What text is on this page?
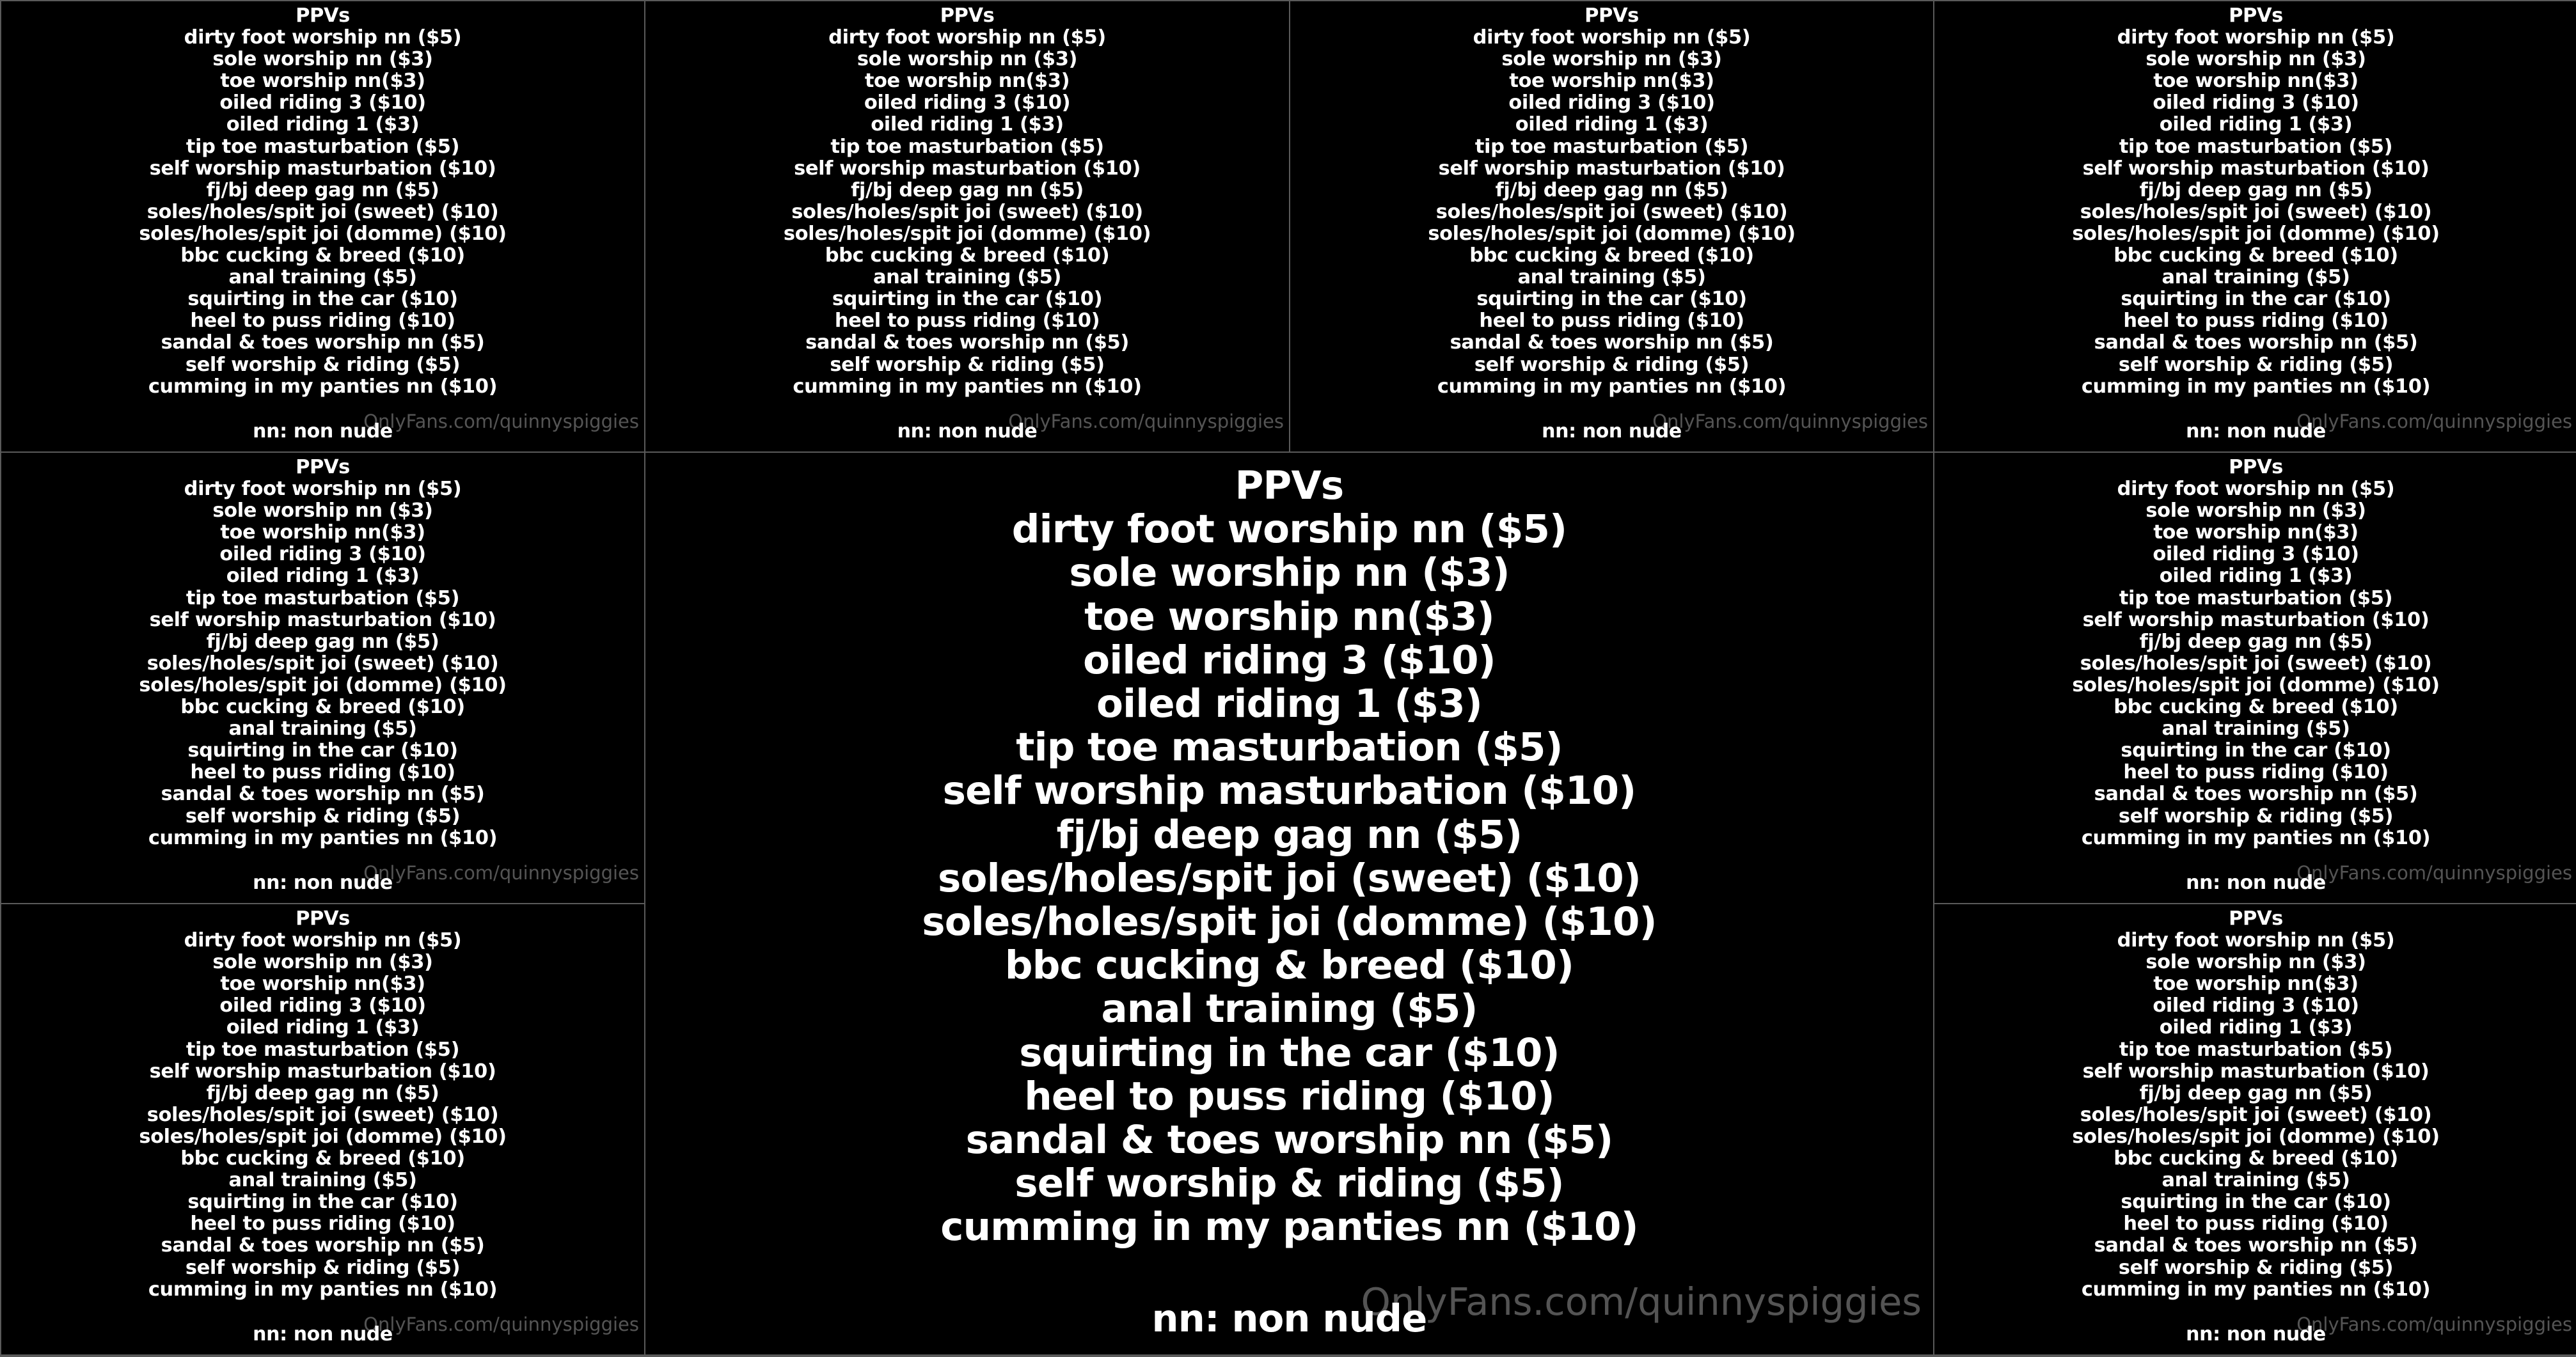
PPVs
dirty foot worship nn ($5)
sole worship nn ($3)
toe worship nn($3)
oiled riding 3 ($10)
oiled riding 1 ($3)
tip toe masturbation ($5)
self worship masturbation ($10)
fj/bj deep gag nn ($5)
soles/holes/spit joi (sweet) ($10)
soles/holes/spit joi (domme) ($10)
bbc cucking & breed ($10)
anal training ($5)
squirting in the car ($10)
heel to puss riding ($10)
sandal & toes worship nn ($5)
self worship & riding ($5)
cumming in my panties nn ($10)
nn: non nude
OnlyFans.com/quinnyspiggies
PPVs
dirty foot worship nn ($5)
sole worship nn ($3)
toe worship nn($3)
oiled riding 3 ($10)
oiled riding 1 ($3)
tip toe masturbation ($5)
self worship masturbation ($10)
fj/bj deep gag nn ($5)
soles/holes/spit joi (sweet) ($10)
soles/holes/spit joi (domme) ($10)
bbc cucking & breed ($10)
anal training ($5)
squirting in the car ($10)
heel to puss riding ($10)
sandal & toes worship nn ($5)
self worship & riding ($5)
cumming in my panties nn ($10)
nn: non nude
OnlyFans.com/quinnyspiggies
PPVs
dirty foot worship nn ($5)
sole worship nn ($3)
toe worship nn($3)
oiled riding 3 ($10)
oiled riding 1 ($3)
tip toe masturbation ($5)
self worship masturbation ($10)
fj/bj deep gag nn ($5)
soles/holes/spit joi (sweet) ($10)
soles/holes/spit joi (domme) ($10)
bbc cucking & breed ($10)
anal training ($5)
squirting in the car ($10)
heel to puss riding ($10)
sandal & toes worship nn ($5)
self worship & riding ($5)
cumming in my panties nn ($10)
nn: non nude
OnlyFans.com/quinnyspiggies
PPVs
dirty foot worship nn ($5)
sole worship nn ($3)
toe worship nn($3)
oiled riding 3 ($10)
oiled riding 1 ($3)
tip toe masturbation ($5)
self worship masturbation ($10)
fj/bj deep gag nn ($5)
soles/holes/spit joi (sweet) ($10)
soles/holes/spit joi (domme) ($10)
bbc cucking & breed ($10)
anal training ($5)
squirting in the car ($10)
heel to puss riding ($10)
sandal & toes worship nn ($5)
self worship & riding ($5)
cumming in my panties nn ($10)
nn: non nude
OnlyFans.com/quinnyspiggies
PPVs
dirty foot worship nn ($5)
sole worship nn ($3)
toe worship nn($3)
oiled riding 3 ($10)
oiled riding 1 ($3)
tip toe masturbation ($5)
self worship masturbation ($10)
fj/bj deep gag nn ($5)
soles/holes/spit joi (sweet) ($10)
soles/holes/spit joi (domme) ($10)
bbc cucking & breed ($10)
anal training ($5)
squirting in the car ($10)
heel to puss riding ($10)
sandal & toes worship nn ($5)
self worship & riding ($5)
cumming in my panties nn ($10)
nn: non nude
OnlyFans.com/quinnyspiggies
PPVs
dirty foot worship nn ($5)
sole worship nn ($3)
toe worship nn($3)
oiled riding 3 ($10)
oiled riding 1 ($3)
tip toe masturbation ($5)
self worship masturbation ($10)
fj/bj deep gag nn ($5)
soles/holes/spit joi (sweet) ($10)
soles/holes/spit joi (domme) ($10)
bbc cucking & breed ($10)
anal training ($5)
squirting in the car ($10)
heel to puss riding ($10)
sandal & toes worship nn ($5)
self worship & riding ($5)
cumming in my panties nn ($10)
nn: non nude
OnlyFans.com/quinnyspiggies
PPVs
dirty foot worship nn ($5)
sole worship nn ($3)
toe worship nn($3)
oiled riding 3 ($10)
oiled riding 1 ($3)
tip toe masturbation ($5)
self worship masturbation ($10)
fj/bj deep gag nn ($5)
soles/holes/spit joi (sweet) ($10)
soles/holes/spit joi (domme) ($10)
bbc cucking & breed ($10)
anal training ($5)
squirting in the car ($10)
heel to puss riding ($10)
sandal & toes worship nn ($5)
self worship & riding ($5)
cumming in my panties nn ($10)
nn: non nude
OnlyFans.com/quinnyspiggies
PPVs
dirty foot worship nn ($5)
sole worship nn ($3)
toe worship nn($3)
oiled riding 3 ($10)
oiled riding 1 ($3)
tip toe masturbation ($5)
self worship masturbation ($10)
fj/bj deep gag nn ($5)
soles/holes/spit joi (sweet) ($10)
soles/holes/spit joi (domme) ($10)
bbc cucking & breed ($10)
anal training ($5)
squirting in the car ($10)
heel to puss riding ($10)
sandal & toes worship nn ($5)
self worship & riding ($5)
cumming in my panties nn ($10)
nn: non nude
OnlyFans.com/quinnyspiggies
PPVs
dirty foot worship nn ($5)
sole worship nn ($3)
toe worship nn($3)
oiled riding 3 ($10)
oiled riding 1 ($3)
tip toe masturbation ($5)
self worship masturbation ($10)
fj/bj deep gag nn ($5)
soles/holes/spit joi (sweet) ($10)
soles/holes/spit joi (domme) ($10)
bbc cucking & breed ($10)
anal training ($5)
squirting in the car ($10)
heel to puss riding ($10)
sandal & toes worship nn ($5)
self worship & riding ($5)
cumming in my panties nn ($10)
nn: non nude
OnlyFans.com/quinnyspiggies
